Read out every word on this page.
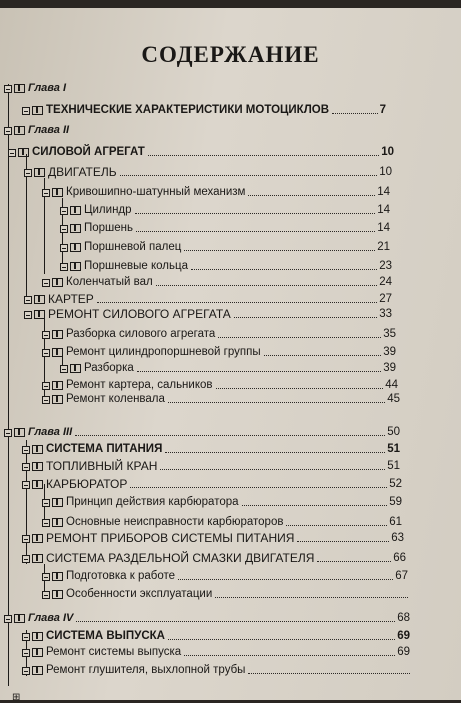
СОДЕРЖАНИЕ
Глава I
ТЕХНИЧЕСКИЕ ХАРАКТЕРИСТИКИ МОТОЦИКЛОВ	7
Глава II
СИЛОВОЙ АГРЕГАТ	10
ДВИГАТЕЛЬ	10
Кривошипно-шатунный механизм	14
Цилиндр	14
Поршень	14
Поршневой палец	21
Поршневые кольца	23
Коленчатый вал	24
КАРТЕР	27
РЕМОНТ СИЛОВОГО АГРЕГАТА	33
Разборка силового агрегата	35
Ремонт цилиндропоршневой группы	39
Разборка	39
Ремонт картера, сальников	44
Ремонт коленвала	45
Глава III	50
СИСТЕМА ПИТАНИЯ	51
ТОПЛИВНЫЙ КРАН	51
КАРБЮРАТОР	52
Принцип действия карбюратора	59
Основные неисправности карбюраторов	61
РЕМОНТ ПРИБОРОВ СИСТЕМЫ ПИТАНИЯ	63
СИСТЕМА РАЗДЕЛЬНОЙ СМАЗКИ ДВИГАТЕЛЯ	66
Подготовка к работе	67
Особенности эксплуатации
Глава IV	68
СИСТЕМА ВЫПУСКА	69
Ремонт системы выпуска	69
Ремонт глушителя, выхлопной трубы
⊞
